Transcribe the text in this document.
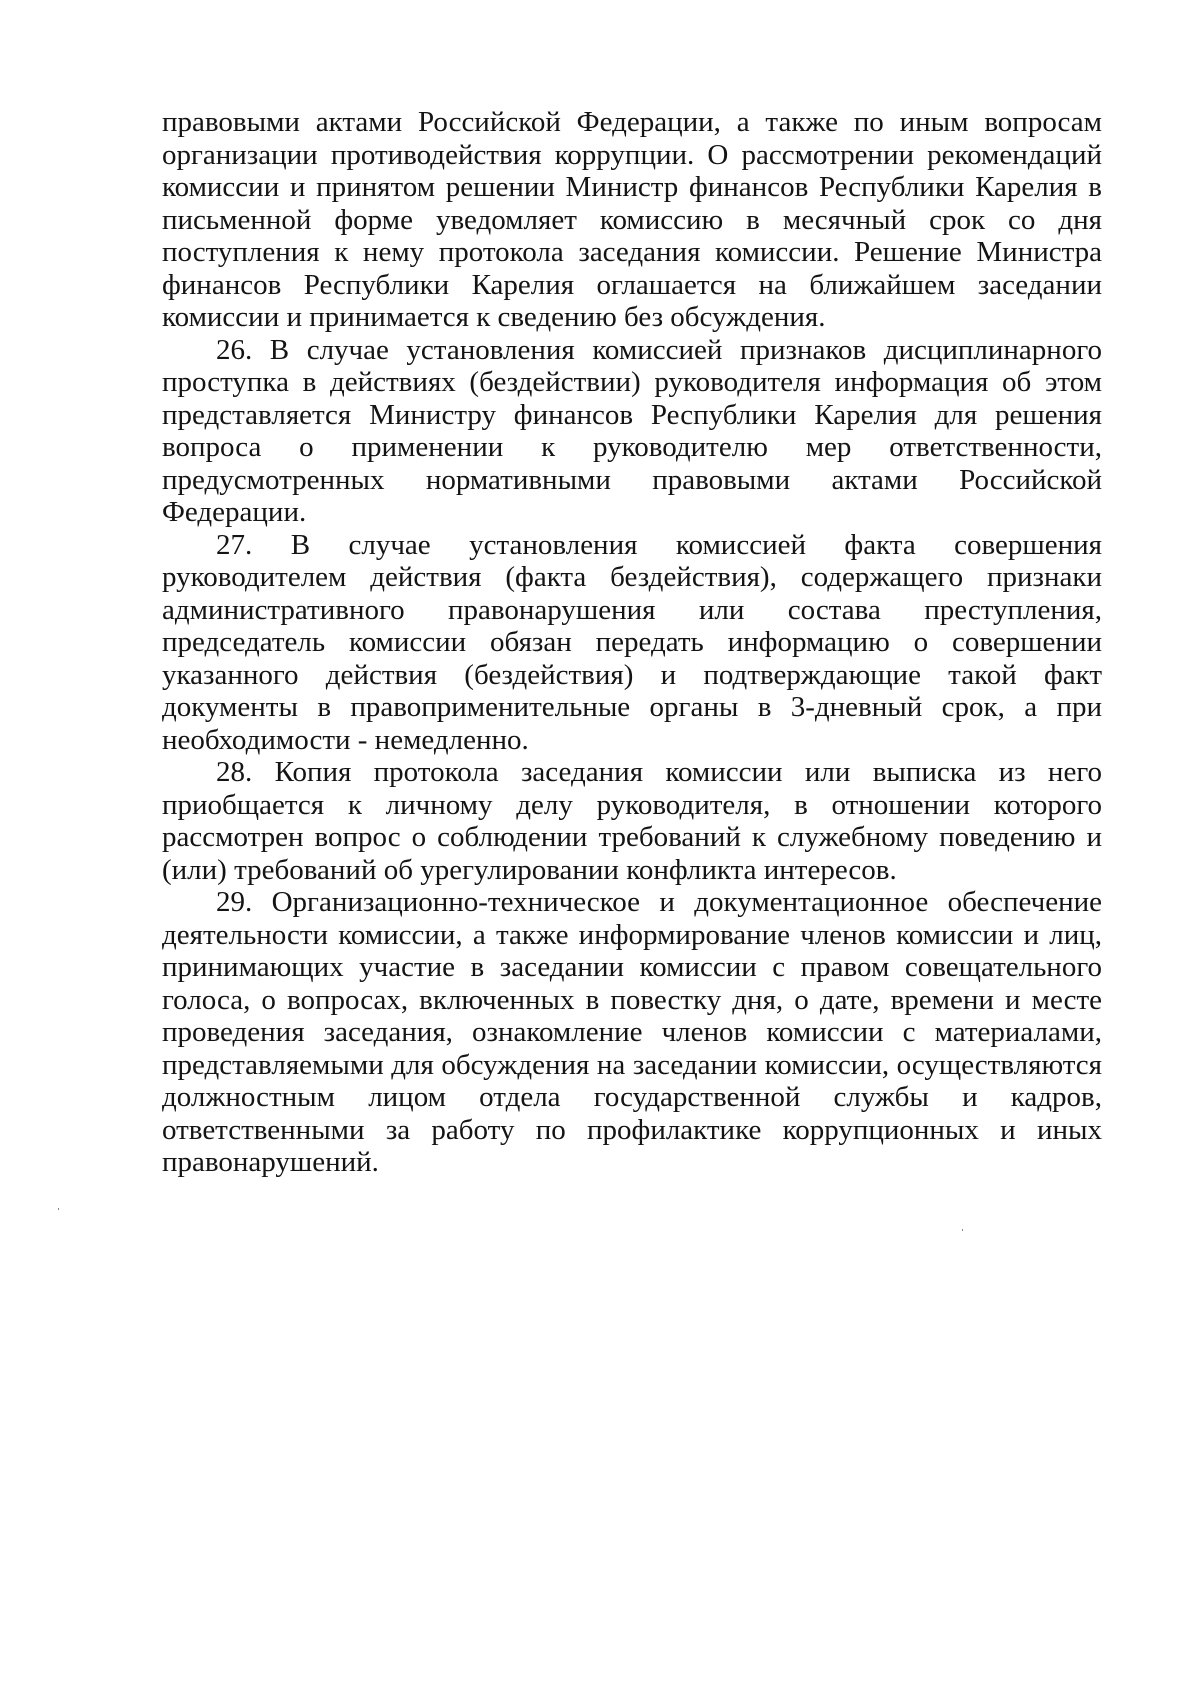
правовыми актами Российской Федерации, а также по иным вопросам организации противодействия коррупции. О рассмотрении рекомендаций комиссии и принятом решении Министр финансов Республики Карелия в письменной форме уведомляет комиссию в месячный срок со дня поступления к нему протокола заседания комиссии. Решение Министра финансов Республики Карелия оглашается на ближайшем заседании комиссии и принимается к сведению без обсуждения.

26. В случае установления комиссией признаков дисциплинарного проступка в действиях (бездействии) руководителя информация об этом представляется Министру финансов Республики Карелия для решения вопроса о применении к руководителю мер ответственности, предусмотренных нормативными правовыми актами Российской Федерации.

27. В случае установления комиссией факта совершения руководителем действия (факта бездействия), содержащего признаки административного правонарушения или состава преступления, председатель комиссии обязан передать информацию о совершении указанного действия (бездействия) и подтверждающие такой факт документы в правоприменительные органы в 3-дневный срок, а при необходимости - немедленно.

28. Копия протокола заседания комиссии или выписка из него приобщается к личному делу руководителя, в отношении которого рассмотрен вопрос о соблюдении требований к служебному поведению и (или) требований об урегулировании конфликта интересов.

29. Организационно-техническое и документационное обеспечение деятельности комиссии, а также информирование членов комиссии и лиц, принимающих участие в заседании комиссии с правом совещательного голоса, о вопросах, включенных в повестку дня, о дате, времени и месте проведения заседания, ознакомление членов комиссии с материалами, представляемыми для обсуждения на заседании комиссии, осуществляются должностным лицом отдела государственной службы и кадров, ответственными за работу по профилактике коррупционных и иных правонарушений.
